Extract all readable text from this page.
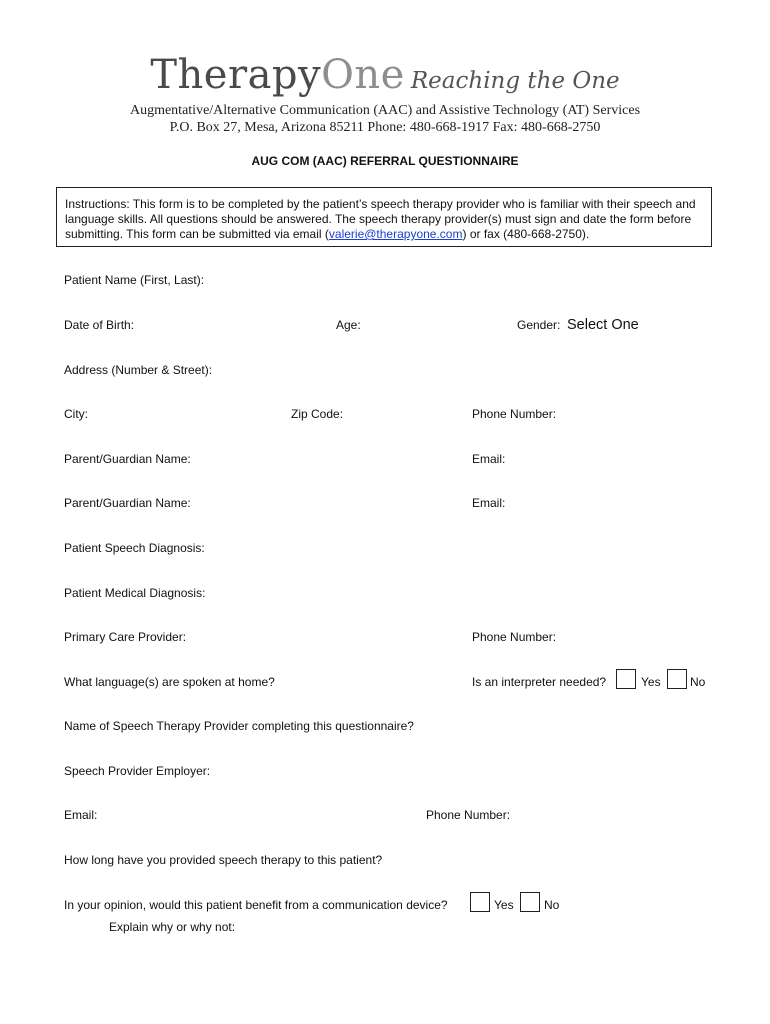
TherapyOne Reaching the One
Augmentative/Alternative Communication (AAC) and Assistive Technology (AT) Services
P.O. Box 27, Mesa, Arizona 85211 Phone: 480-668-1917 Fax: 480-668-2750
AUG COM (AAC) REFERRAL QUESTIONNAIRE
Instructions: This form is to be completed by the patient’s speech therapy provider who is familiar with their speech and language skills. All questions should be answered. The speech therapy provider(s) must sign and date the form before submitting. This form can be submitted via email (valerie@therapyone.com) or fax (480-668-2750).
Patient Name (First, Last):
Date of Birth:	Age:	Gender: Select One
Address (Number & Street):
City:	Zip Code:	Phone Number:
Parent/Guardian Name:	Email:
Parent/Guardian Name:	Email:
Patient Speech Diagnosis:
Patient Medical Diagnosis:
Primary Care Provider:	Phone Number:
What language(s) are spoken at home?	Is an interpreter needed?	Yes No
Name of Speech Therapy Provider completing this questionnaire?
Speech Provider Employer:
Email:	Phone Number:
How long have you provided speech therapy to this patient?
In your opinion, would this patient benefit from a communication device?	Yes	No
Explain why or why not:
